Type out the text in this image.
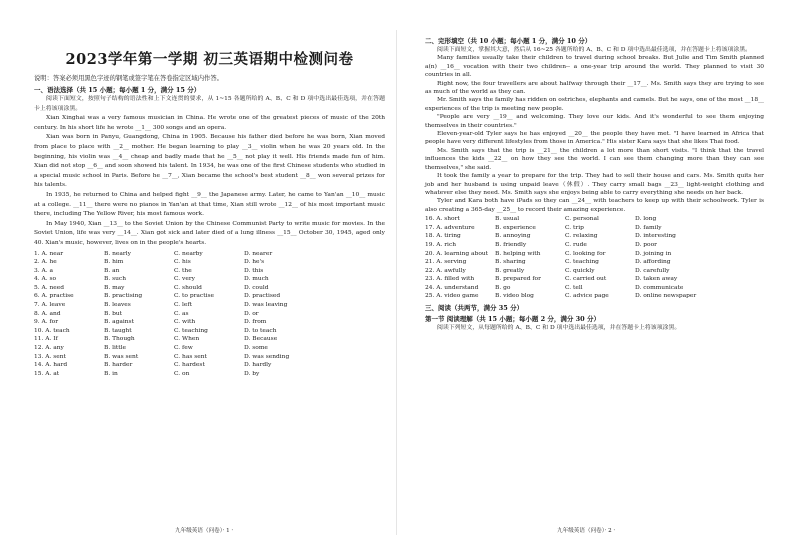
2023学年第一学期 初三英语期中检测问卷
说明：答案必须用黑色字迹的钢笔或签字笔在答卷指定区域内作答。
一、语法选择（共 15 小题；每小题 1 分，满分 15 分）

阅读下面短文，按照句子结构的语法性和上下文连贯的要求，从 1~15 各题所给的 A、B、C 和 D 项中选出最佳选项，并在答题卡上将该项涂黑。

Xian Xinghai was a very famous musician in China. He wrote one of the greatest pieces of music of the 20th century. In his short life he wrote __1__ 300 songs and an opera.

Xian was born in Panyu, Guangdong, China in 1905. Because his father died before he was born, Xian moved from place to place with __2__ mother. He began learning to play __3__ violin when he was 20 years old. In the beginning, his violin was __4__ cheap and badly made that he __5__ not play it well. His friends made fun of him. Xian did not stop __6__ and soon showed his talent. In 1934, he was one of the first Chinese students who studied in a special music school in Paris. Before he __7__, Xian became the school's best student __8__ won several prizes for his talents.

In 1935, he returned to China and helped fight __9__ the Japanese army. Later, he came to Yan'an __10__ music at a college. __11__ there were no pianos in Yan'an at that time, Xian still wrote __12__ of his most important music there, including The Yellow River, his most famous work.

In May 1940, Xian __13__ to the Soviet Union by the Chinese Communist Party to write music for movies. In the Soviet Union, life was very __14__. Xian got sick and later died of a lung illness __15__ October 30, 1945, aged only 40. Xian's music, however, lives on in the people's hearts.

1. A. near	B. nearly	C. nearby	D. nearer
2. A. he	B. him	C. his	D. he's
3. A. a	B. an	C. the	D. this
4. A. so	B. such	C. very	D. much
5. A. need	B. may	C. should	D. could
6. A. practise	B. practising	C. to practise	D. practised
7. A. leave	B. leaves	C. left	D. was leaving
8. A. and	B. but	C. as	D. or
9. A. for	B. against	C. with	D. from
10. A. teach	B. taught	C. teaching	D. to teach
11. A. If	B. Though	C. When	D. Because
12. A. any	B. little	C. few	D. some
13. A. sent	B. was sent	C. has sent	D. was sending
14. A. hard	B. harder	C. hardest	D. hardly
15. A. at	B. in	C. on	D. by
九年级英语（问卷）· 1 ·
二、完形填空（共 10 小题；每小题 1 分，满分 10 分）

阅读下面短文，掌握其大意，然后从 16~25 各题所给的 A、B、C 和 D 项中选出最佳选项，并在答题卡上将该项涂黑。

Many families usually take their children to travel during school breaks. But Julie and Tim Smith planned a(n) __16__ vocation with their two children-- a one-year trip around the world. They planned to visit 30 countries in all.

Right now, the four travellers are about halfway through their __17__. Ms. Smith says they are trying to see as much of the world as they can.

Mr. Smith says the family has ridden on ostriches, elephants and camels. But he says, one of the most __18__ experiences of the trip is meeting new people.

"People are very __19__ and welcoming. They love our kids. And it's wonderful to see them enjoying themselves in their countries."

Eleven-year-old Tyler says he has enjoyed __20__ the people they have met. "I have learned in Africa that people have very different lifestyles from those in America." His sister Kara says that she likes Thai food.

Ms. Smith says that the trip is __21__ the children a lot more than short visits. "I think that the travel influences the kids __22__ on how they see the world. I can see them changing more than they can see themselves," she said.

It took the family a year to prepare for the trip. They had to sell their house and cars. Ms. Smith quits her job and her husband is using unpaid leave（休假）. They carry small bags __23__ light-weight clothing and whatever else they need. Ms. Smith says she enjoys being able to carry everything she needs on her back.

Tyler and Kara both have iPads so they can __24__ with teachers to keep up with their schoolwork. Tyler is also creating a 365-day __25__ to record their amazing experience.

16. A. short	B. usual	C. personal	D. long
17. A. adventure	B. experience	C. trip	D. family
18. A. tiring	B. annoying	C. relaxing	D. interesting
19. A. rich	B. friendly	C. rude	D. poor
20. A. learning about	B. helping with	C. looking for	D. joining in
21. A. serving	B. sharing	C. teaching	D. affording
22. A. awfully	B. greatly	C. quickly	D. carefully
23. A. filled with	B. prepared for	C. carried out	D. taken away
24. A. understand	B. go	C. tell	D. communicate
25. A. video game	B. video blog	C. advice page	D. online newspaper
三、阅读（共两节，满分 35 分）
第一节 阅读理解（共 15 小题；每小题 2 分，满分 30 分）

阅读下列短文，从每题所给的 A、B、C 和 D 项中选出最佳选项，并在答题卡上将该项涂黑。

九年级英语（问卷）· 2 ·
